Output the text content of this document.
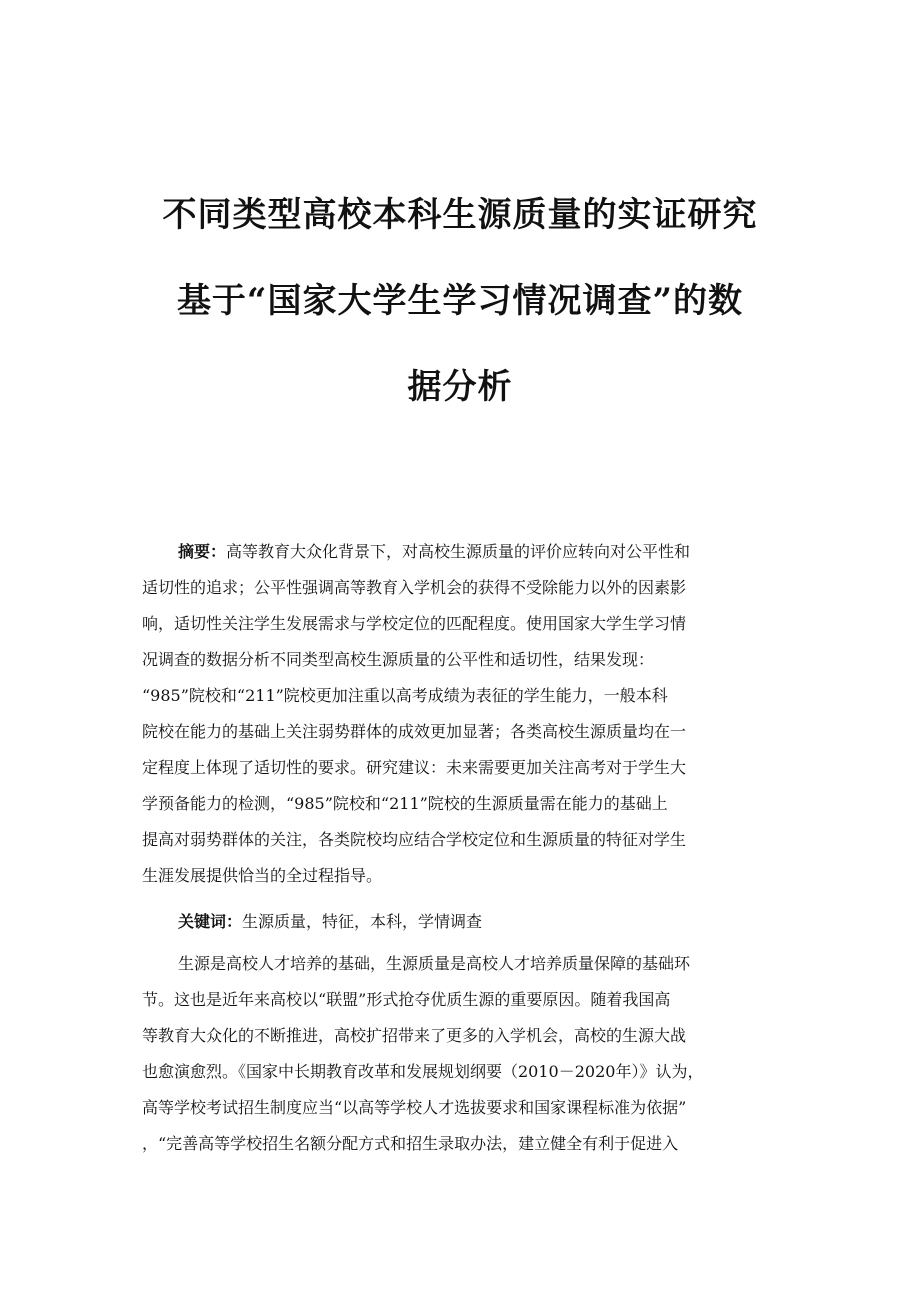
不同类型高校本科生源质量的实证研究
基于“国家大学生学习情况调查”的数
据分析
摘要：高等教育大众化背景下，对高校生源质量的评价应转向对公平性和
适切性的追求；公平性强调高等教育入学机会的获得不受除能力以外的因素影
响，适切性关注学生发展需求与学校定位的匹配程度。使用国家大学生学习情
况调查的数据分析不同类型高校生源质量的公平性和适切性，结果发现：
“985”院校和“211”院校更加注重以高考成绩为表征的学生能力，一般本科
院校在能力的基础上关注弱势群体的成效更加显著；各类高校生源质量均在一
定程度上体现了适切性的要求。研究建议：未来需要更加关注高考对于学生大
学预备能力的检测，“985”院校和“211”院校的生源质量需在能力的基础上
提高对弱势群体的关注，各类院校均应结合学校定位和生源质量的特征对学生
生涯发展提供恰当的全过程指导。
关键词：生源质量，特征，本科，学情调查
生源是高校人才培养的基础，生源质量是高校人才培养质量保障的基础环
节。这也是近年来高校以“联盟”形式抢夺优质生源的重要原因。随着我国高
等教育大众化的不断推进，高校扩招带来了更多的入学机会，高校的生源大战
也愈演愈烈。《国家中长期教育改革和发展规划纲要（2010－2020年）》认为，
高等学校考试招生制度应当“以高等学校人才选拔要求和国家课程标准为依据”
，“完善高等学校招生名额分配方式和招生录取办法，建立健全有利于促进入
